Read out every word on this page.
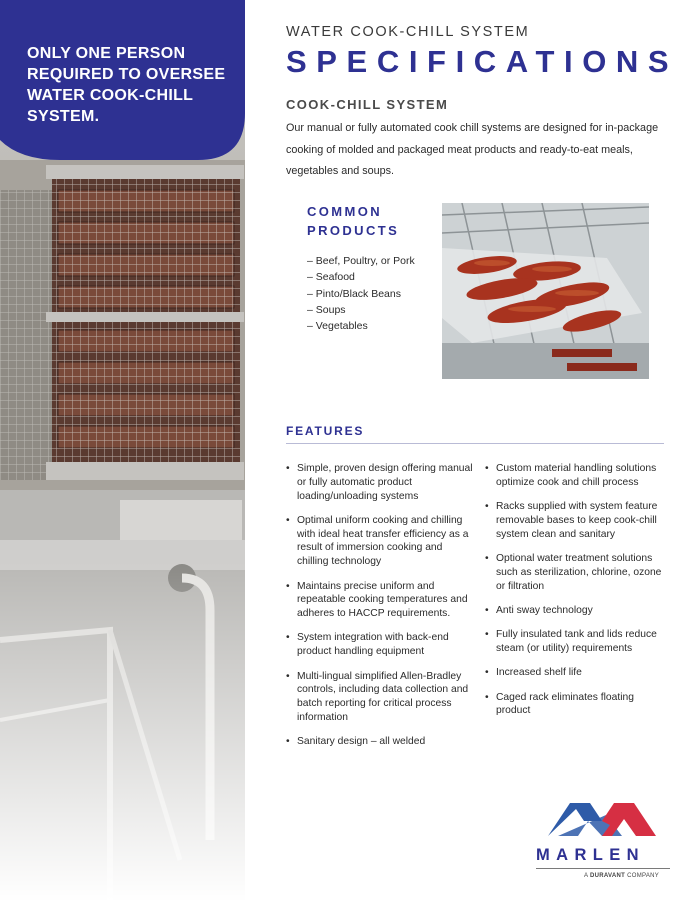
ONLY ONE PERSON REQUIRED TO OVERSEE WATER COOK-CHILL SYSTEM.
WATER COOK-CHILL SYSTEM
SPECIFICATIONS
COOK-CHILL SYSTEM
Our manual or fully automated cook chill systems are designed for in-package cooking of molded and packaged meat products and ready-to-eat meals, vegetables and soups.
COMMON PRODUCTS
– Beef, Poultry, or Pork
– Seafood
– Pinto/Black Beans
– Soups
– Vegetables
FEATURES
• Simple, proven design offering manual or fully automatic product loading/unloading systems
• Optimal uniform cooking and chilling with ideal heat transfer efficiency as a result of immersion cooking and chilling technology
• Maintains precise uniform and repeatable cooking temperatures and adheres to HACCP requirements.
• System integration with back-end product handling equipment
• Multi-lingual simplified Allen-Bradley controls, including data collection and batch reporting for critical process information
• Sanitary design – all welded
• Custom material handling solutions optimize cook and chill process
• Racks supplied with system feature removable bases to keep cook-chill system clean and sanitary
• Optional water treatment solutions such as sterilization, chlorine, ozone or filtration
• Anti sway technology
• Fully insulated tank and lids reduce steam (or utility) requirements
• Increased shelf life
• Caged rack eliminates floating product
MARLEN
A DURAVANT COMPANY
